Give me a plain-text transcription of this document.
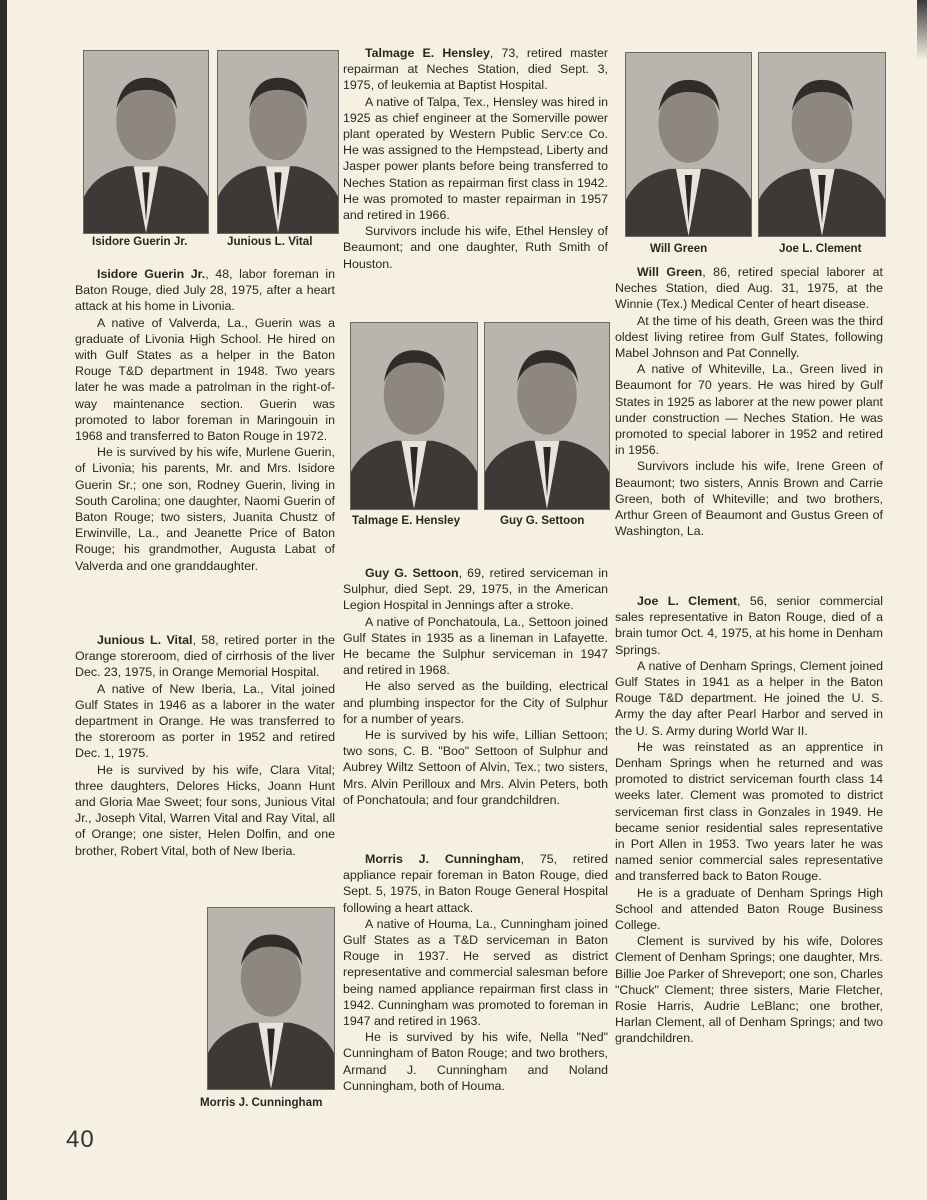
Isidore Guerin Jr.	Junious L. Vital
Talmage E. Hensley	Guy G. Settoon
Morris J. Cunningham
Will Green	Joe L. Clement

Isidore Guerin Jr., 48, labor foreman in Baton Rouge, died July 28, 1975, after a heart attack at his home in Livonia.

A native of Valverda, La., Guerin was a graduate of Livonia High School. He hired on with Gulf States as a helper in the Baton Rouge T&D department in 1948. Two years later he was made a patrolman in the right-of-way maintenance section. Guerin was promoted to labor foreman in Maringouin in 1968 and transferred to Baton Rouge in 1972.

He is survived by his wife, Murlene Guerin, of Livonia; his parents, Mr. and Mrs. Isidore Guerin Sr.; one son, Rodney Guerin, living in South Carolina; one daughter, Naomi Guerin of Baton Rouge; two sisters, Juanita Chustz of Erwinville, La., and Jeanette Price of Baton Rouge; his grandmother, Augusta Labat of Valverda and one granddaughter.

Junious L. Vital, 58, retired porter in the Orange storeroom, died of cirrhosis of the liver Dec. 23, 1975, in Orange Memorial Hospital.

A native of New Iberia, La., Vital joined Gulf States in 1946 as a laborer in the water department in Orange. He was transferred to the storeroom as porter in 1952 and retired Dec. 1, 1975.

He is survived by his wife, Clara Vital; three daughters, Delores Hicks, Joann Hunt and Gloria Mae Sweet; four sons, Junious Vital Jr., Joseph Vital, Warren Vital and Ray Vital, all of Orange; one sister, Helen Dolfin, and one brother, Robert Vital, both of New Iberia.

Talmage E. Hensley, 73, retired master repairman at Neches Station, died Sept. 3, 1975, of leukemia at Baptist Hospital.

A native of Talpa, Tex., Hensley was hired in 1925 as chief engineer at the Somerville power plant operated by Western Public Serv:ce Co. He was assigned to the Hempstead, Liberty and Jasper power plants before being transferred to Neches Station as repairman first class in 1942. He was promoted to master repairman in 1957 and retired in 1966.

Survivors include his wife, Ethel Hensley of Beaumont; and one daughter, Ruth Smith of Houston.

Guy G. Settoon, 69, retired serviceman in Sulphur, died Sept. 29, 1975, in the American Legion Hospital in Jennings after a stroke.

A native of Ponchatoula, La., Settoon joined Gulf States in 1935 as a lineman in Lafayette. He became the Sulphur serviceman in 1947 and retired in 1968.

He also served as the building, electrical and plumbing inspector for the City of Sulphur for a number of years.

He is survived by his wife, Lillian Settoon; two sons, C. B. "Boo" Settoon of Sulphur and Aubrey Wiltz Settoon of Alvin, Tex.; two sisters, Mrs. Alvin Perilloux and Mrs. Alvin Peters, both of Ponchatoula; and four grandchildren.

Morris J. Cunningham, 75, retired appliance repair foreman in Baton Rouge, died Sept. 5, 1975, in Baton Rouge General Hospital following a heart attack.

A native of Houma, La., Cunningham joined Gulf States as a T&D serviceman in Baton Rouge in 1937. He served as district representative and commercial salesman before being named appliance repairman first class in 1942. Cunningham was promoted to foreman in 1947 and retired in 1963.

He is survived by his wife, Nella "Ned" Cunningham of Baton Rouge; and two brothers, Armand J. Cunningham and Noland Cunningham, both of Houma.

Will Green, 86, retired special laborer at Neches Station, died Aug. 31, 1975, at the Winnie (Tex.) Medical Center of heart disease.

At the time of his death, Green was the third oldest living retiree from Gulf States, following Mabel Johnson and Pat Connelly.

A native of Whiteville, La., Green lived in Beaumont for 70 years. He was hired by Gulf States in 1925 as laborer at the new power plant under construction — Neches Station. He was promoted to special laborer in 1952 and retired in 1956.

Survivors include his wife, Irene Green of Beaumont; two sisters, Annis Brown and Carrie Green, both of Whiteville; and two brothers, Arthur Green of Beaumont and Gustus Green of Washington, La.

Joe L. Clement, 56, senior commercial sales representative in Baton Rouge, died of a brain tumor Oct. 4, 1975, at his home in Denham Springs.

A native of Denham Springs, Clement joined Gulf States in 1941 as a helper in the Baton Rouge T&D department. He joined the U. S. Army the day after Pearl Harbor and served in the U. S. Army during World War II.

He was reinstated as an apprentice in Denham Springs when he returned and was promoted to district serviceman fourth class 14 weeks later. Clement was promoted to district serviceman first class in Gonzales in 1949. He became senior residential sales representative in Port Allen in 1953. Two years later he was named senior commercial sales representative and transferred back to Baton Rouge.

He is a graduate of Denham Springs High School and attended Baton Rouge Business College.

Clement is survived by his wife, Dolores Clement of Denham Springs; one daughter, Mrs. Billie Joe Parker of Shreveport; one son, Charles "Chuck" Clement; three sisters, Marie Fletcher, Rosie Harris, Audrie LeBlanc; one brother, Harlan Clement, all of Denham Springs; and two grandchildren.

40
